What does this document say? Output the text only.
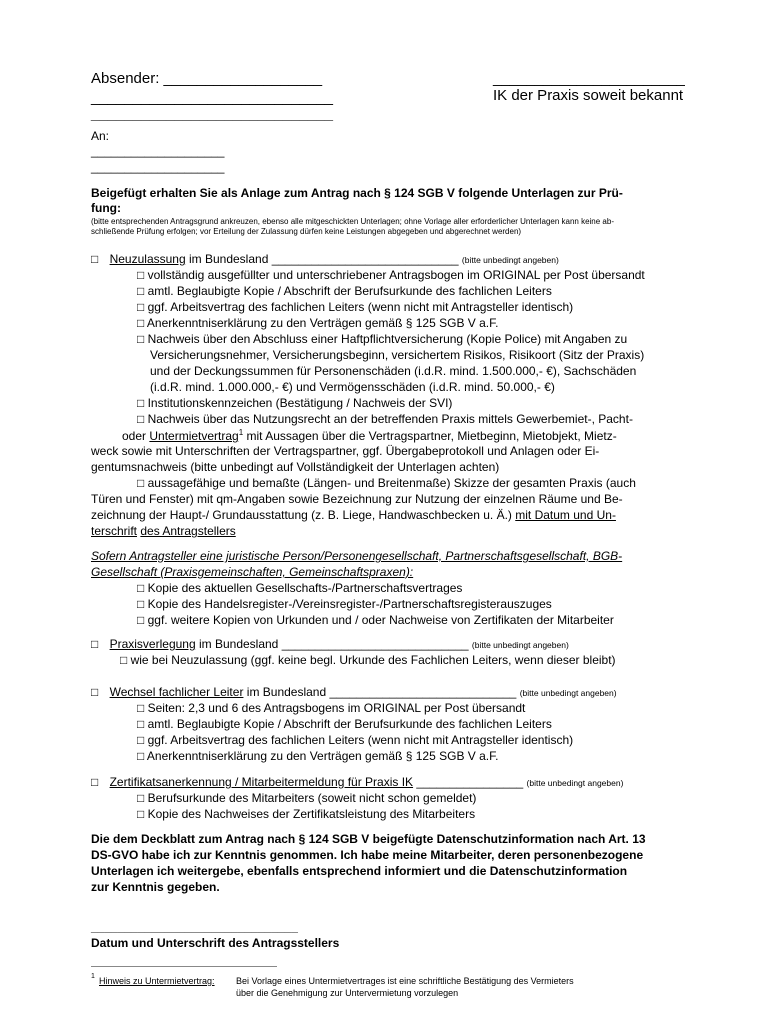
Absender: ___________________
_____________________________
_____________________________
_______________________
IK der Praxis soweit bekannt
An:
____________________
____________________
Beigefügt erhalten Sie als Anlage zum Antrag nach § 124 SGB V folgende Unterlagen zur Prü-
fung:
(bitte entsprechenden Antragsgrund ankreuzen, ebenso alle mitgeschickten Unterlagen; ohne Vorlage aller erforderlicher Unterlagen kann keine ab-
schließende Prüfung erfolgen; vor Erteilung der Zulassung dürfen keine Leistungen abgegeben und abgerechnet werden)
□ Neuzulassung im Bundesland ____________________________ (bitte unbedingt angeben)
□ vollständig ausgefüllter und unterschriebener Antragsbogen im ORIGINAL per Post übersandt
□ amtl. Beglaubigte Kopie / Abschrift der Berufsurkunde des fachlichen Leiters
□ ggf. Arbeitsvertrag des fachlichen Leiters (wenn nicht mit Antragsteller identisch)
□ Anerkenntniserklärung zu den Verträgen gemäß § 125 SGB V a.F.
□ Nachweis über den Abschluss einer Haftpflichtversicherung (Kopie Police) mit Angaben zu
Versicherungsnehmer, Versicherungsbeginn, versichertem Risikos, Risikoort (Sitz der Praxis)
und der Deckungssummen für Personenschäden (i.d.R. mind. 1.500.000,- €), Sachschäden
(i.d.R. mind. 1.000.000,- €) und Vermögensschäden (i.d.R. mind. 50.000,- €)
□ Institutionskennzeichen (Bestätigung / Nachweis der SVI)
□ Nachweis über das Nutzungsrecht an der betreffenden Praxis mittels Gewerbemiet-, Pacht-
oder Untermietvertrag$^1$ mit Aussagen über die Vertragspartner, Mietbeginn, Mietobjekt, Mietz-
weck sowie mit Unterschriften der Vertragspartner, ggf. Übergabeprotokoll und Anlagen oder Ei-
gentumsnachweis (bitte unbedingt auf Vollständigkeit der Unterlagen achten)
□ aussagefähige und bemaßte (Längen- und Breitenmaße) Skizze der gesamten Praxis (auch
Türen und Fenster) mit qm-Angaben sowie Bezeichnung zur Nutzung der einzelnen Räume und Be-
zeichnung der Haupt-/ Grundausstattung (z. B. Liege, Handwaschbecken u. Ä.) mit Datum und Un-
terschrift des Antragstellers
Sofern Antragsteller eine juristische Person/Personengesellschaft, Partnerschaftsgesellschaft, BGB-
Gesellschaft (Praxisgemeinschaften, Gemeinschaftspraxen):
□ Kopie des aktuellen Gesellschafts-/Partnerschaftsvertrages
□ Kopie des Handelsregister-/Vereinsregister-/Partnerschaftsregisterauszuges
□ ggf. weitere Kopien von Urkunden und / oder Nachweise von Zertifikaten der Mitarbeiter
□ Praxisverlegung im Bundesland ____________________________ (bitte unbedingt angeben)
□ wie bei Neuzulassung (ggf. keine begl. Urkunde des Fachlichen Leiters, wenn dieser bleibt)
□ Wechsel fachlicher Leiter im Bundesland ____________________________ (bitte unbedingt angeben)
□ Seiten: 2,3 und 6 des Antragsbogens im ORIGINAL per Post übersandt
□ amtl. Beglaubigte Kopie / Abschrift der Berufsurkunde des fachlichen Leiters
□ ggf. Arbeitsvertrag des fachlichen Leiters (wenn nicht mit Antragsteller identisch)
□ Anerkenntniserklärung zu den Verträgen gemäß § 125 SGB V a.F.
□ Zertifikatsanerkennung / Mitarbeitermeldung für Praxis IK ________________ (bitte unbedingt angeben)
□ Berufsurkunde des Mitarbeiters (soweit nicht schon gemeldet)
□ Kopie des Nachweises der Zertifikatsleistung des Mitarbeiters
Die dem Deckblatt zum Antrag nach § 124 SGB V beigefügte Datenschutzinformation nach Art. 13
DS-GVO habe ich zur Kenntnis genommen. Ich habe meine Mitarbeiter, deren personenbezogene
Unterlagen ich weitergebe, ebenfalls entsprechend informiert und die Datenschutzinformation
zur Kenntnis gegeben.
_______________________________
Datum und Unterschrift des Antragsstellers
1 Hinweis zu Untermietvertrag: Bei Vorlage eines Untermietvertrages ist eine schriftliche Bestätigung des Vermieters
über die Genehmigung zur Untervermietung vorzulegen
